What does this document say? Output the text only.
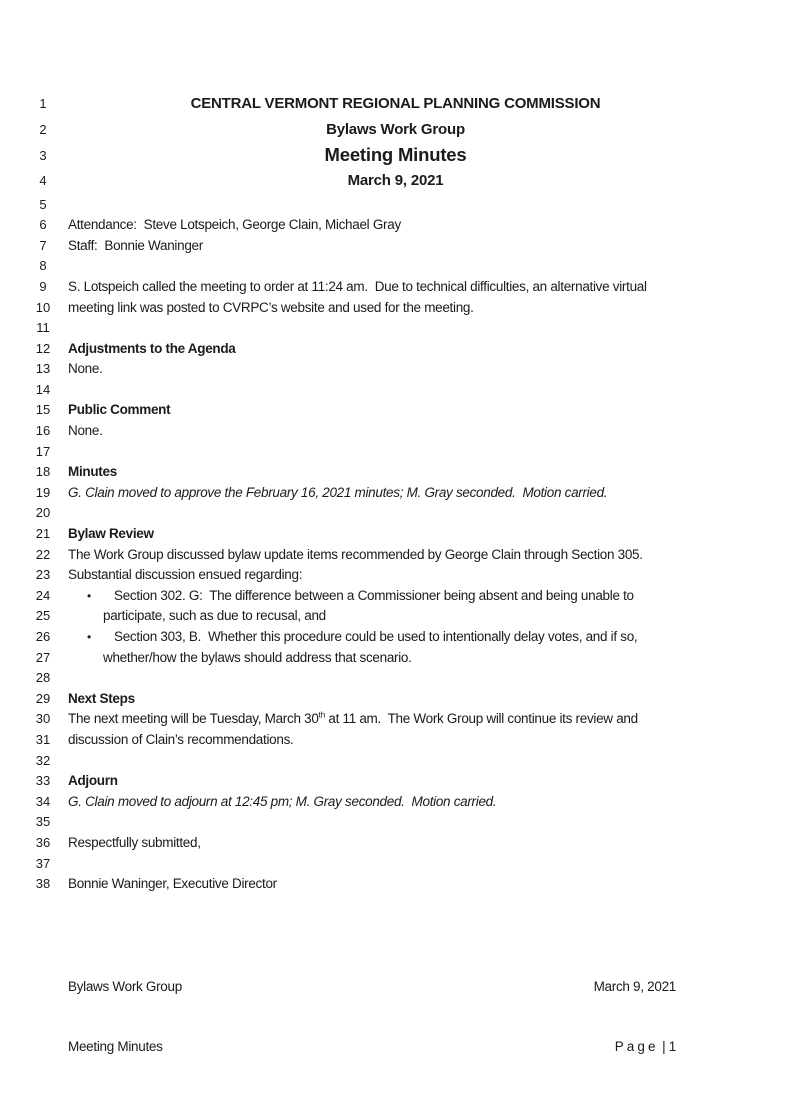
1	CENTRAL VERMONT REGIONAL PLANNING COMMISSION
2	Bylaws Work Group
3	Meeting Minutes
4	March 9, 2021
5
6	Attendance:  Steve Lotspeich, George Clain, Michael Gray
7	Staff:  Bonnie Waninger
8
9	S. Lotspeich called the meeting to order at 11:24 am.  Due to technical difficulties, an alternative virtual
10	meeting link was posted to CVRPC’s website and used for the meeting.
11
12	Adjustments to the Agenda
13	None.
14
15	Public Comment
16	None.
17
18	Minutes
19	G. Clain moved to approve the February 16, 2021 minutes; M. Gray seconded.  Motion carried.
20
21	Bylaw Review
22	The Work Group discussed bylaw update items recommended by George Clain through Section 305.
23	Substantial discussion ensued regarding:
24	• Section 302. G:  The difference between a Commissioner being absent and being unable to
25	participate, such as due to recusal, and
26	• Section 303, B.  Whether this procedure could be used to intentionally delay votes, and if so,
27	whether/how the bylaws should address that scenario.
28
29	Next Steps
30	The next meeting will be Tuesday, March 30th at 11 am.  The Work Group will continue its review and
31	discussion of Clain’s recommendations.
32
33	Adjourn
34	G. Clain moved to adjourn at 12:45 pm; M. Gray seconded.  Motion carried.
35
36	Respectfully submitted,
37
38	Bonnie Waninger, Executive Director

Bylaws Work Group

Meeting Minutes

March 9, 2021

P a g e  | 1
